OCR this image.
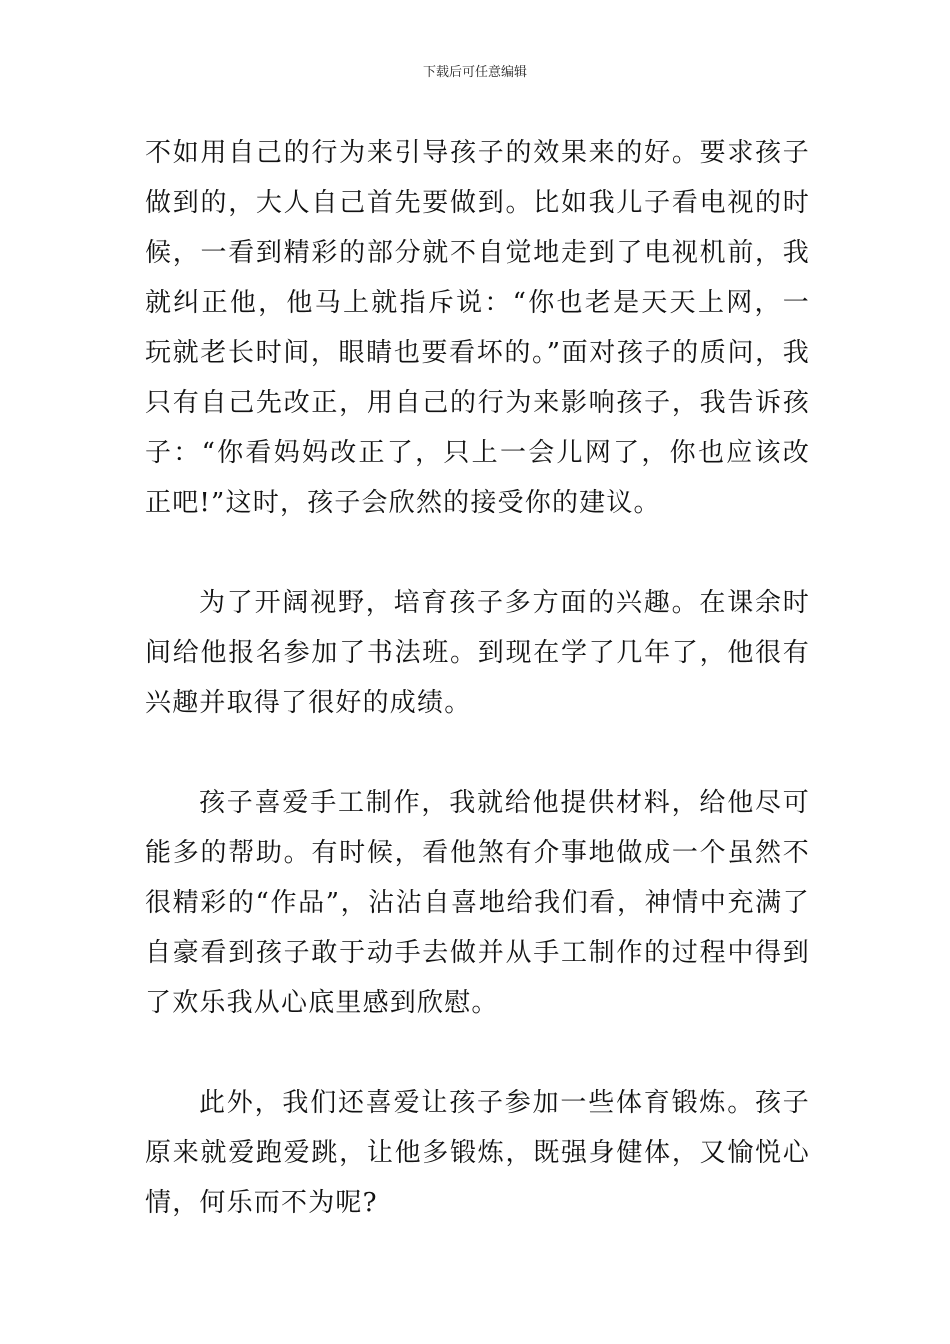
下载后可任意编辑

不如用自己的行为来引导孩子的效果来的好。要求孩子做到的，大人自己首先要做到。比如我儿子看电视的时候，一看到精彩的部分就不自觉地走到了电视机前，我就纠正他，他马上就指斥说：“你也老是天天上网，一玩就老长时间，眼睛也要看坏的。”面对孩子的质问，我只有自己先改正，用自己的行为来影响孩子，我告诉孩子：“你看妈妈改正了，只上一会儿网了，你也应该改正吧!”这时，孩子会欣然的接受你的建议。

为了开阔视野，培育孩子多方面的兴趣。在课余时间给他报名参加了书法班。到现在学了几年了，他很有兴趣并取得了很好的成绩。

孩子喜爱手工制作，我就给他提供材料，给他尽可能多的帮助。有时候，看他煞有介事地做成一个虽然不很精彩的“作品”，沾沾自喜地给我们看，神情中充满了自豪看到孩子敢于动手去做并从手工制作的过程中得到了欢乐我从心底里感到欣慰。

此外，我们还喜爱让孩子参加一些体育锻炼。孩子原来就爱跑爱跳，让他多锻炼，既强身健体，又愉悦心情，何乐而不为呢?
